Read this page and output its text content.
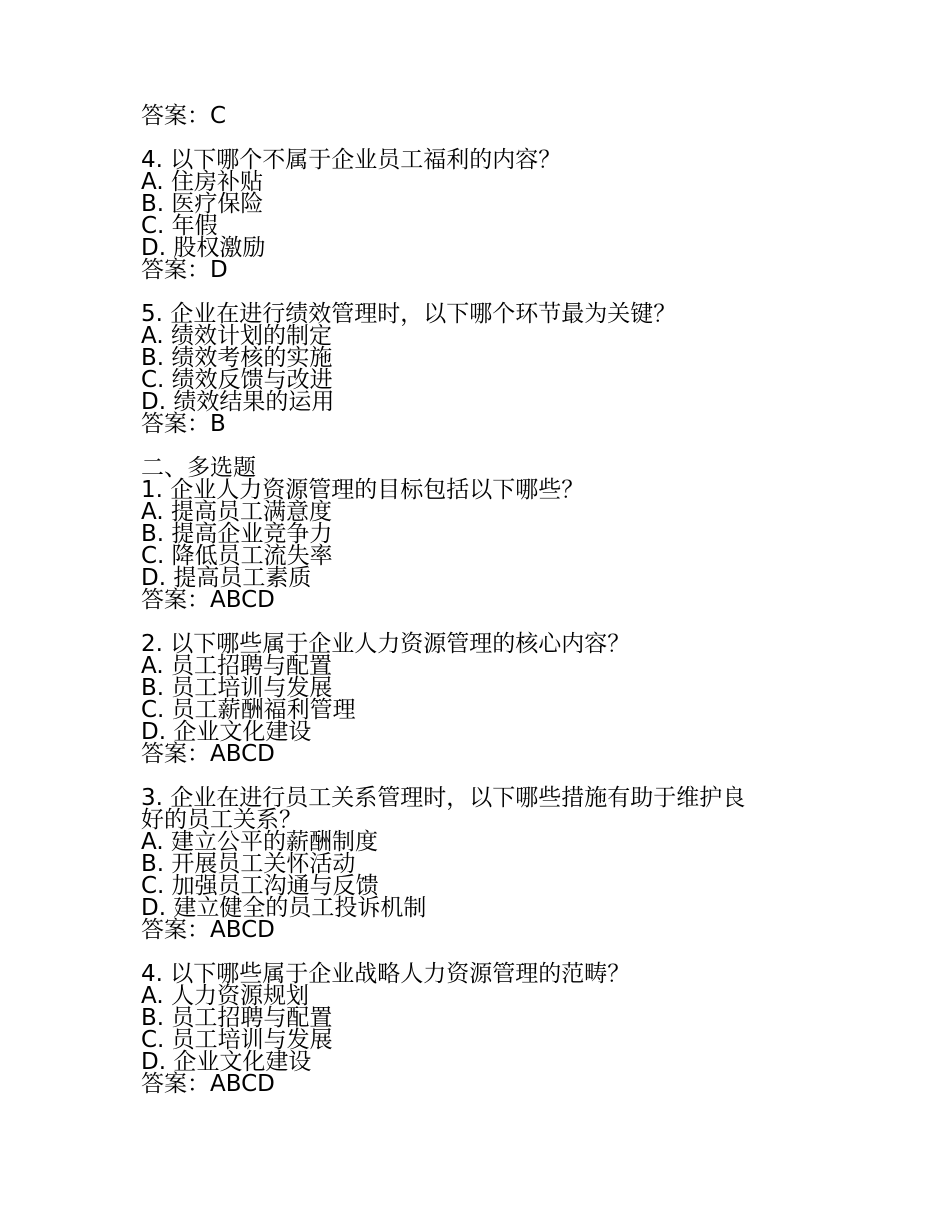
答案：C

4. 以下哪个不属于企业员工福利的内容？

A. 住房补贴

B. 医疗保险

C. 年假

D. 股权激励

答案：D

5. 企业在进行绩效管理时，以下哪个环节最为关键？

A. 绩效计划的制定

B. 绩效考核的实施

C. 绩效反馈与改进

D. 绩效结果的运用

答案：B

二、多选题

1. 企业人力资源管理的目标包括以下哪些？

A. 提高员工满意度

B. 提高企业竞争力

C. 降低员工流失率

D. 提高员工素质

答案：ABCD

2. 以下哪些属于企业人力资源管理的核心内容？

A. 员工招聘与配置

B. 员工培训与发展

C. 员工薪酬福利管理

D. 企业文化建设

答案：ABCD

3. 企业在进行员工关系管理时，以下哪些措施有助于维护良

好的员工关系？

A. 建立公平的薪酬制度

B. 开展员工关怀活动

C. 加强员工沟通与反馈

D. 建立健全的员工投诉机制

答案：ABCD

4. 以下哪些属于企业战略人力资源管理的范畴？

A. 人力资源规划

B. 员工招聘与配置

C. 员工培训与发展

D. 企业文化建设

答案：ABCD
